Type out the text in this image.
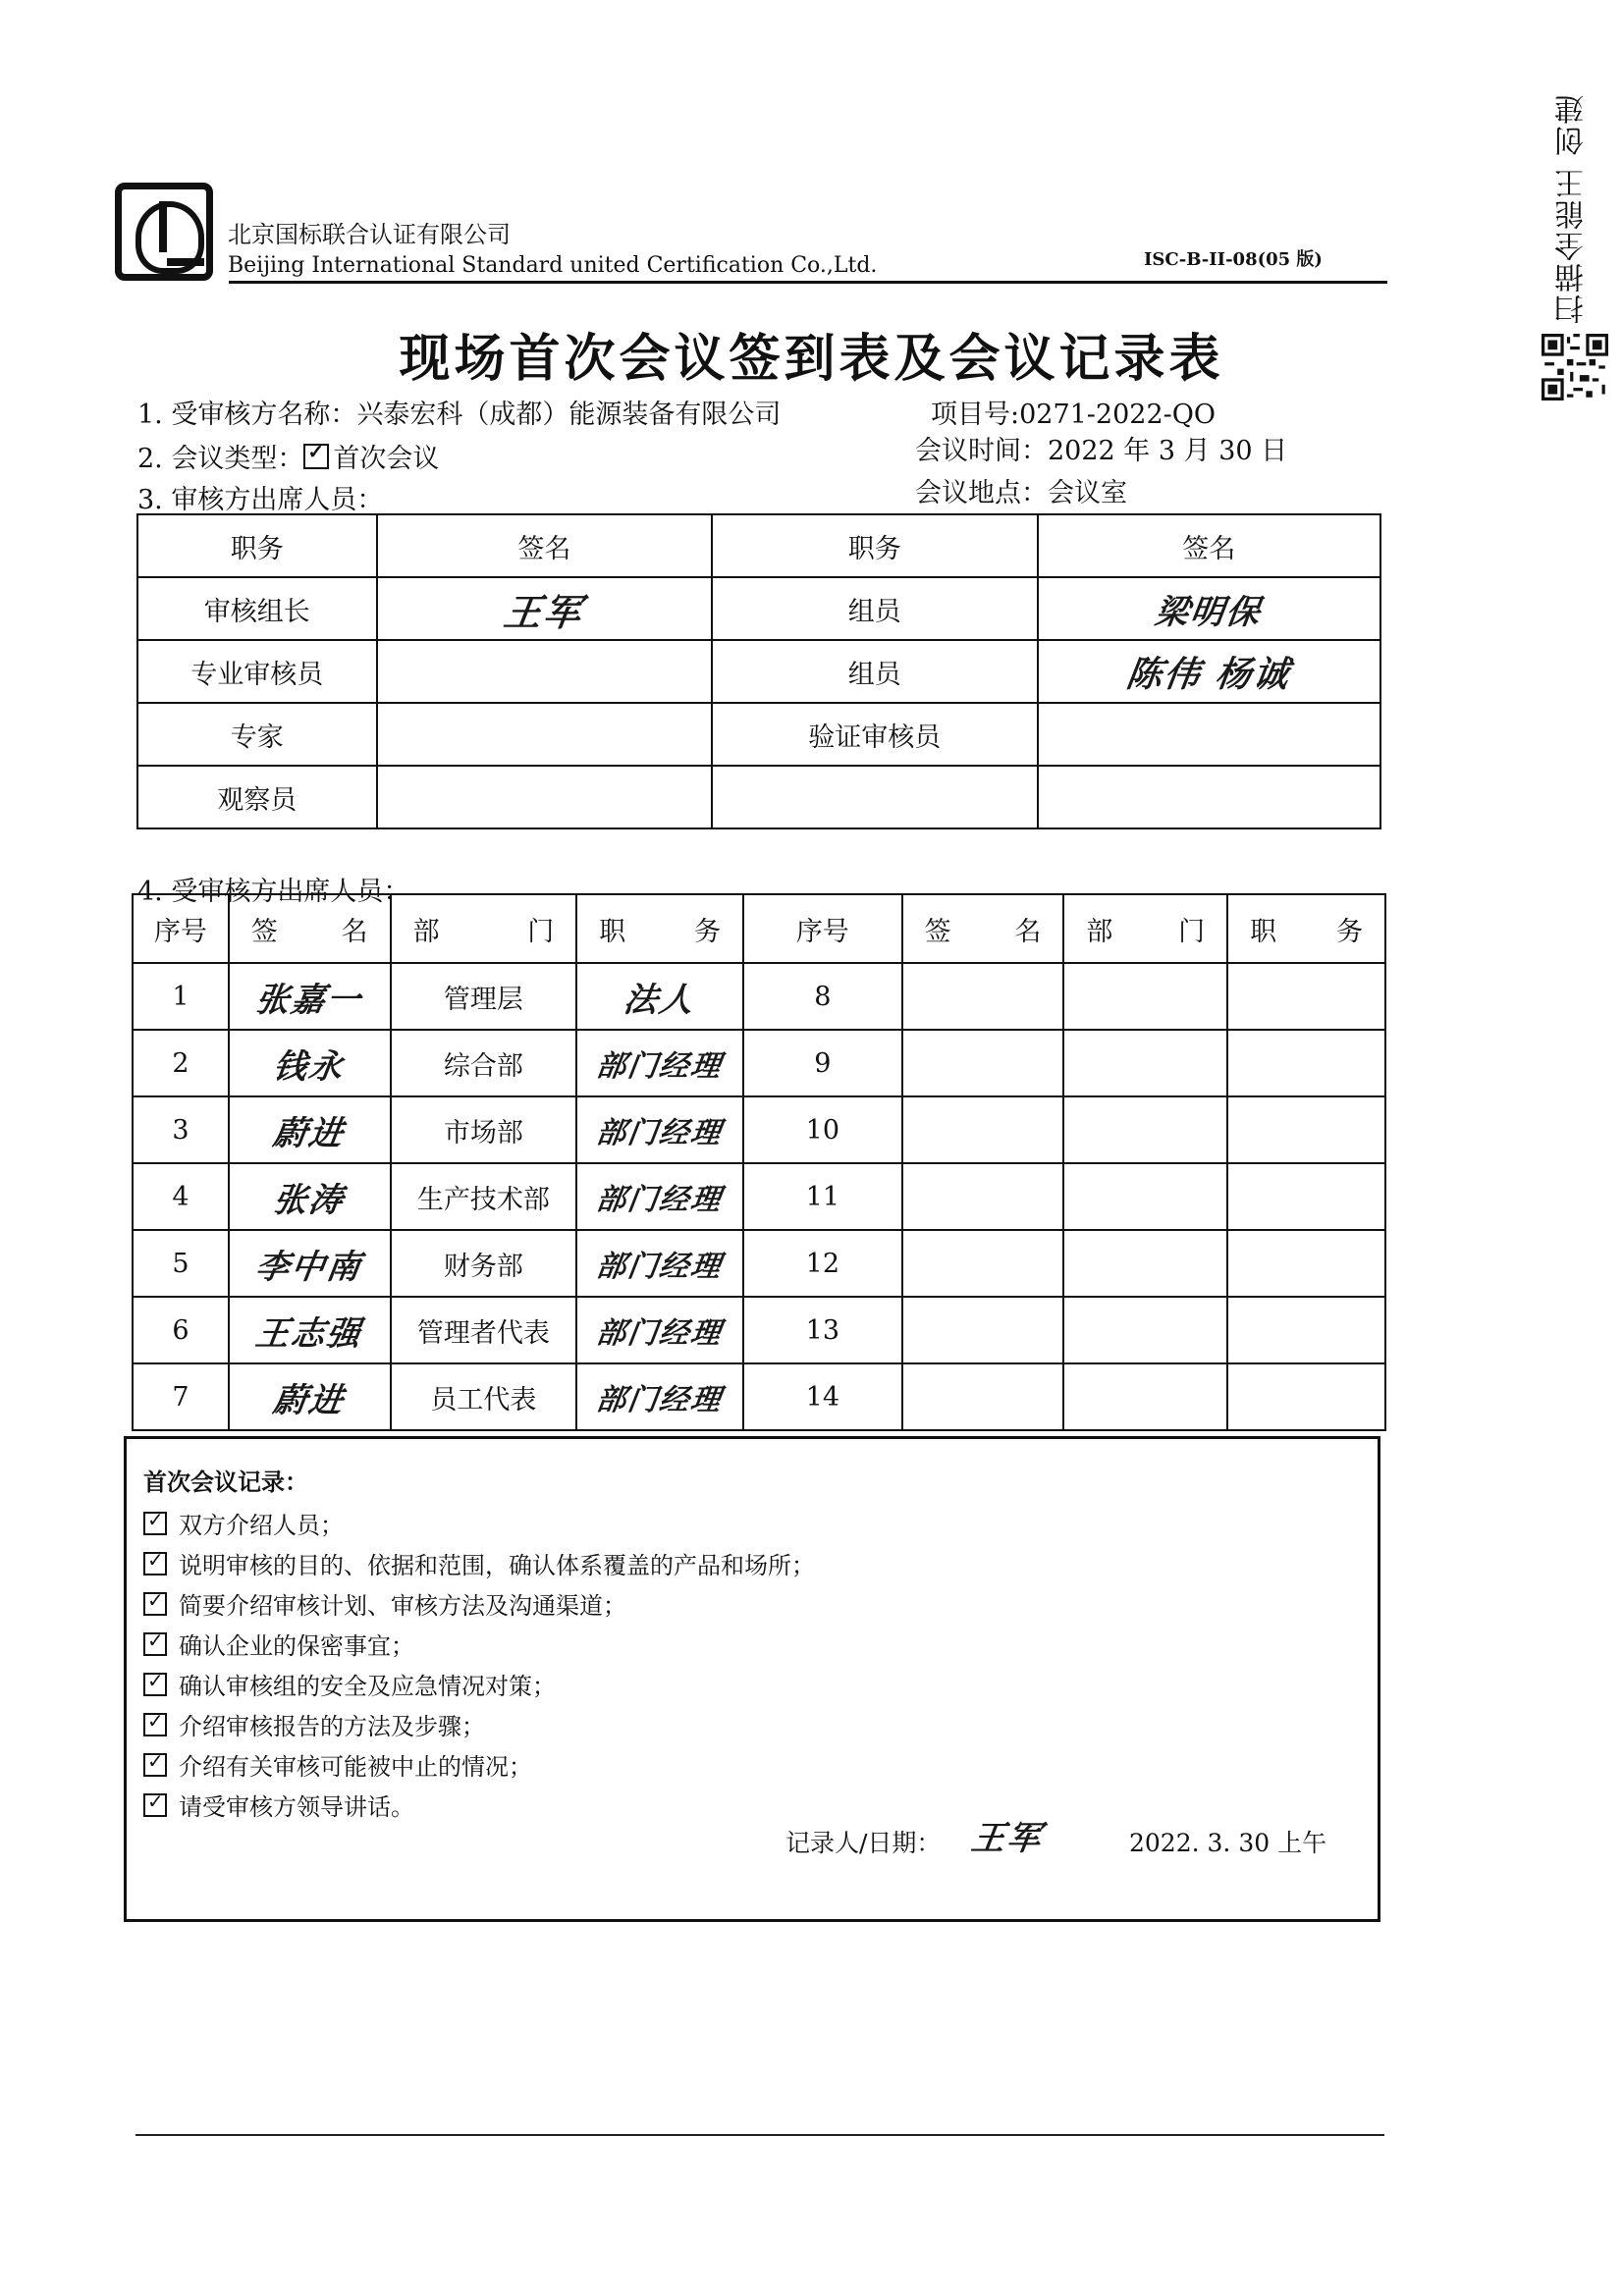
北京国标联合认证有限公司
Beijing International Standard united Certification Co.,Ltd.	ISC-B-II-08(05 版)
现场首次会议签到表及会议记录表
1. 受审核方名称：兴泰宏科（成都）能源装备有限公司	项目号:0271-2022-QO
2. 会议类型： ✓ 首次会议	会议时间：2022 年 3 月 30 日
3. 审核方出席人员：	会议地点：会议室
职务	签名	职务	签名
审核组长	王军	组员	梁明保
专业审核员		组员	陈伟 杨诚
专家		验证审核员	
观察员			
4. 受审核方出席人员：
序号	签名	部门	职务	序号	签名	部门	职务
1	张嘉一	管理层	法人	8			
2	钱永	综合部	部门经理	9			
3	蔚进	市场部	部门经理	10			
4	张涛	生产技术部	部门经理	11			
5	李中南	财务部	部门经理	12			
6	王志强	管理者代表	部门经理	13			
7	蔚进	员工代表	部门经理	14			
首次会议记录：
✓
双方介绍人员；
✓
说明审核的目的、依据和范围，确认体系覆盖的产品和场所；
✓
简要介绍审核计划、审核方法及沟通渠道；
✓
确认企业的保密事宜；
✓
确认审核组的安全及应急情况对策；
✓
介绍审核报告的方法及步骤；
✓
介绍有关审核可能被中止的情况；
✓
请受审核方领导讲话。
记录人/日期： 王军	2022. 3. 30 上午
扫描全能王 创建
